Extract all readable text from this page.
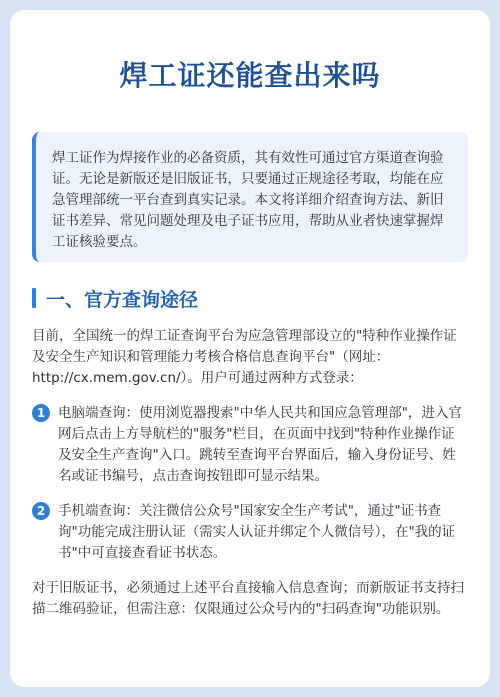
焊工证还能查出来吗
焊工证作为焊接作业的必备资质，其有效性可通过官方渠道查询验证。无论是新版还是旧版证书，只要通过正规途径考取，均能在应急管理部统一平台查到真实记录。本文将详细介绍查询方法、新旧证书差异、常见问题处理及电子证书应用，帮助从业者快速掌握焊工证核验要点。
一、官方查询途径
目前，全国统一的焊工证查询平台为应急管理部设立的"特种作业操作证及安全生产知识和管理能力考核合格信息查询平台"（网址：http://cx.mem.gov.cn/）。用户可通过两种方式登录：
1 电脑端查询：使用浏览器搜索"中华人民共和国应急管理部"，进入官网后点击上方导航栏的"服务"栏目，在页面中找到"特种作业操作证及安全生产查询"入口。跳转至查询平台界面后，输入身份证号、姓名或证书编号，点击查询按钮即可显示结果。
2 手机端查询：关注微信公众号"国家安全生产考试"，通过"证书查询"功能完成注册认证（需实人认证并绑定个人微信号），在"我的证书"中可直接查看证书状态。
对于旧版证书，必须通过上述平台直接输入信息查询；而新版证书支持扫描二维码验证，但需注意：仅限通过公众号内的"扫码查询"功能识别。
